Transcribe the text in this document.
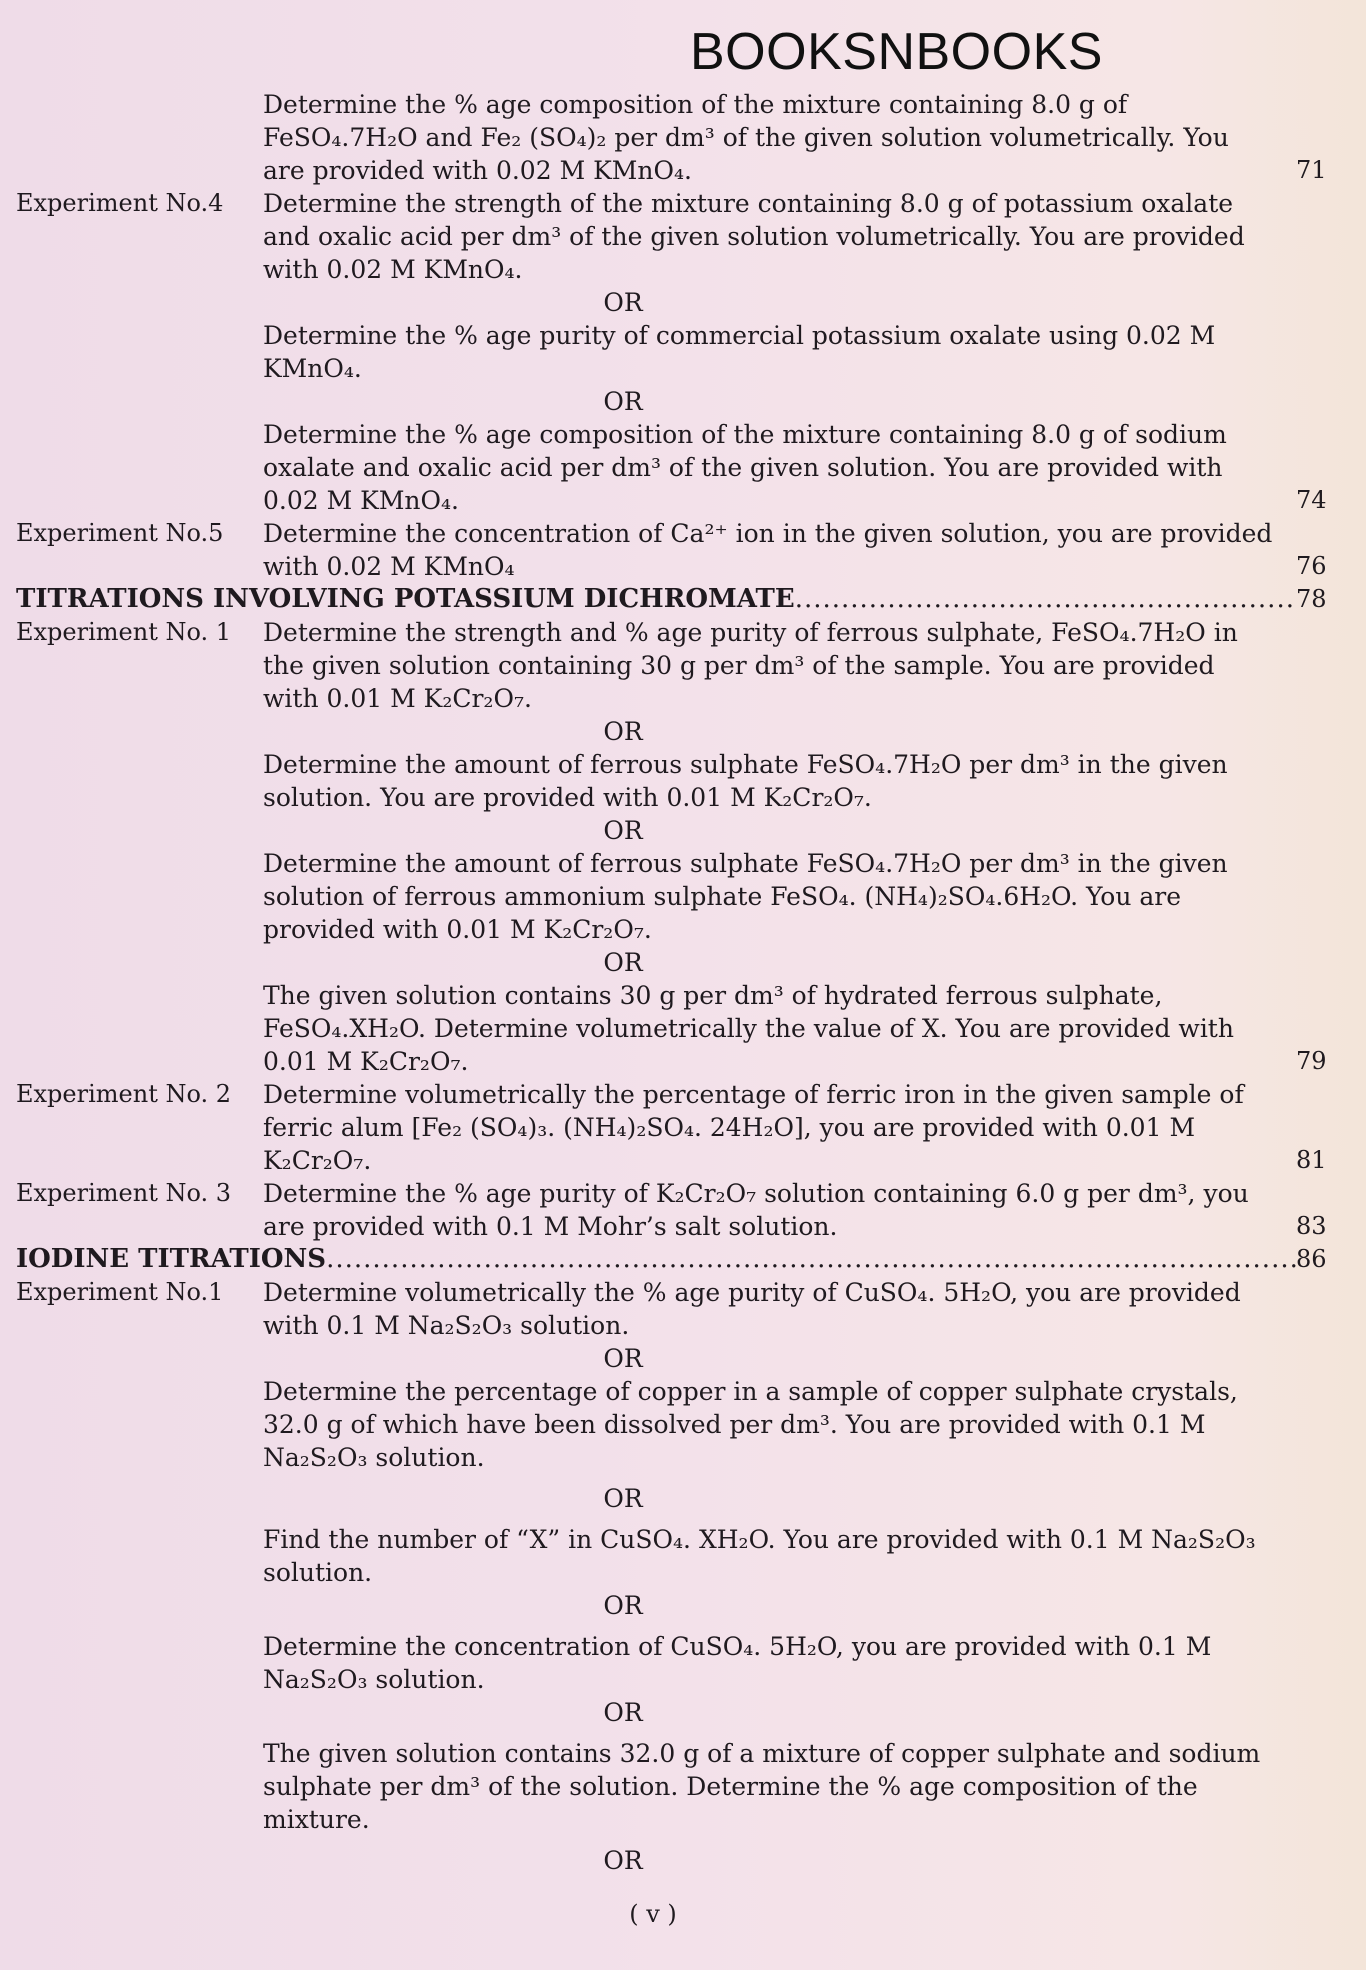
BOOKSNBOOKS
Determine the % age composition of the mixture containing 8.0 g of FeSO₄.7H₂O and Fe₂ (SO₄)₂ per dm³ of the given solution volumetrically. You are provided with 0.02 M KMnO₄.	71
Experiment No.4	Determine the strength of the mixture containing 8.0 g of potassium oxalate and oxalic acid per dm³ of the given solution volumetrically. You are provided with 0.02 M KMnO₄.
OR
Determine the % age purity of commercial potassium oxalate using 0.02 M KMnO₄.
OR
Determine the % age composition of the mixture containing 8.0 g of sodium oxalate and oxalic acid per dm³ of the given solution. You are provided with 0.02 M KMnO₄.	74
Experiment No.5	Determine the concentration of Ca²⁺ ion in the given solution, you are provided with 0.02 M KMnO₄	76
TITRATIONS INVOLVING POTASSIUM DICHROMATE .....	78
Experiment No. 1	Determine the strength and % age purity of ferrous sulphate, FeSO₄.7H₂O in the given solution containing 30 g per dm³ of the sample. You are provided with 0.01 M K₂Cr₂O₇.
OR
Determine the amount of ferrous sulphate FeSO₄.7H₂O per dm³ in the given solution. You are provided with 0.01 M K₂Cr₂O₇.
OR
Determine the amount of ferrous sulphate FeSO₄.7H₂O per dm³ in the given solution of ferrous ammonium sulphate FeSO₄. (NH₄)₂SO₄.6H₂O. You are provided with 0.01 M K₂Cr₂O₇.
OR
The given solution contains 30 g per dm³ of hydrated ferrous sulphate, FeSO₄.XH₂O. Determine volumetrically the value of X. You are provided with 0.01 M K₂Cr₂O₇.	79
Experiment No. 2	Determine volumetrically the percentage of ferric iron in the given sample of ferric alum [Fe₂ (SO₄)₃. (NH₄)₂SO₄. 24H₂O], you are provided with 0.01 M K₂Cr₂O₇.	81
Experiment No. 3	Determine the % age purity of K₂Cr₂O₇ solution containing 6.0 g per dm³, you are provided with 0.1 M Mohr’s salt solution.	83
IODINE TITRATIONS .....	86
Experiment No.1	Determine volumetrically the % age purity of CuSO₄. 5H₂O, you are provided with 0.1 M Na₂S₂O₃ solution.
OR
Determine the percentage of copper in a sample of copper sulphate crystals, 32.0 g of which have been dissolved per dm³. You are provided with 0.1 M Na₂S₂O₃ solution.
OR
Find the number of “X” in CuSO₄. XH₂O. You are provided with 0.1 M Na₂S₂O₃ solution.
OR
Determine the concentration of CuSO₄. 5H₂O, you are provided with 0.1 M Na₂S₂O₃ solution.
OR
The given solution contains 32.0 g of a mixture of copper sulphate and sodium sulphate per dm³ of the solution. Determine the % age composition of the mixture.
OR
( v )
